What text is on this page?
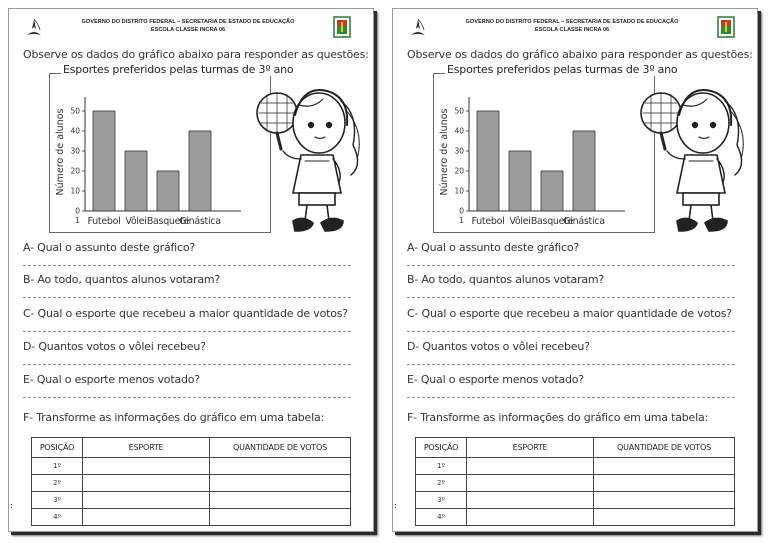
GOVERNO DO DISTRITO FEDERAL – SECRETARIA DE ESTADO DE EDUCAÇÃO
ESCOLA CLASSE INCRA 06
Observe os dados do gráfico abaixo para responder as questões:
Esportes preferidos pelas turmas de 3º ano
0
10
20
30
40
50
Número de alunos
1 Futebol Vôlei Basquete
Ginástica
A- Qual o assunto deste gráfico?
B- Ao todo, quantos alunos votaram?
C- Qual o esporte que recebeu a maior quantidade de votos?
D- Quantos votos o vôlei recebeu?
E- Qual o esporte menos votado?
F- Transforme as informações do gráfico em uma tabela:
POSIÇÃO	ESPORTE	QUANTIDADE DE VOTOS
1º		
2º		
3º		
4º		
:
GOVERNO DO DISTRITO FEDERAL – SECRETARIA DE ESTADO DE EDUCAÇÃO
ESCOLA CLASSE INCRA 06
Observe os dados do gráfico abaixo para responder as questões:
Esportes preferidos pelas turmas de 3º ano
0
10
20
30
40
50
Número de alunos
1 Futebol Vôlei Basquete
Ginástica
A- Qual o assunto deste gráfico?
B- Ao todo, quantos alunos votaram?
C- Qual o esporte que recebeu a maior quantidade de votos?
D- Quantos votos o vôlei recebeu?
E- Qual o esporte menos votado?
F- Transforme as informações do gráfico em uma tabela:
POSIÇÃO	ESPORTE	QUANTIDADE DE VOTOS
1º		
2º		
3º		
4º		
:
